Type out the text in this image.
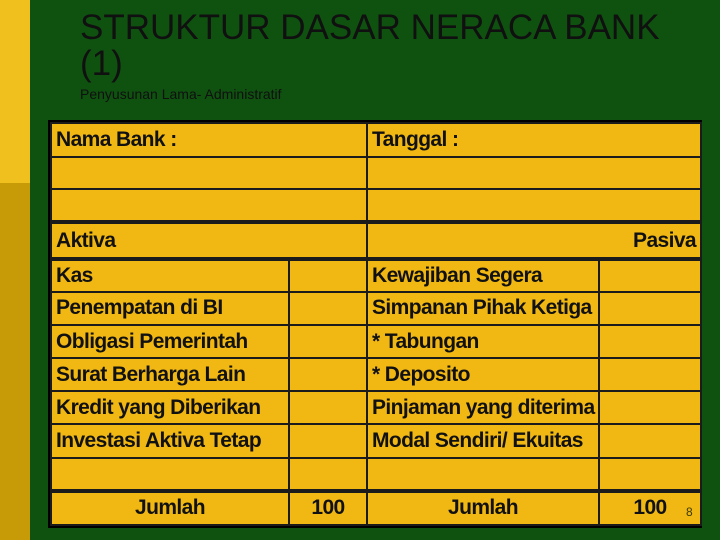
STRUKTUR DASAR NERACA BANK (1)
Penyusunan Lama- Administratif
Nama Bank :		Tanggal :	

Aktiva		Pasiva	
Kas		Kewajiban Segera	
Penempatan di BI		Simpanan Pihak Ketiga	
Obligasi Pemerintah		* Tabungan	
Surat Berharga Lain		* Deposito	
Kredit yang Diberikan		Pinjaman yang diterima	
Investasi Aktiva Tetap		Modal Sendiri/ Ekuitas	

Jumlah	100	Jumlah	100 8
